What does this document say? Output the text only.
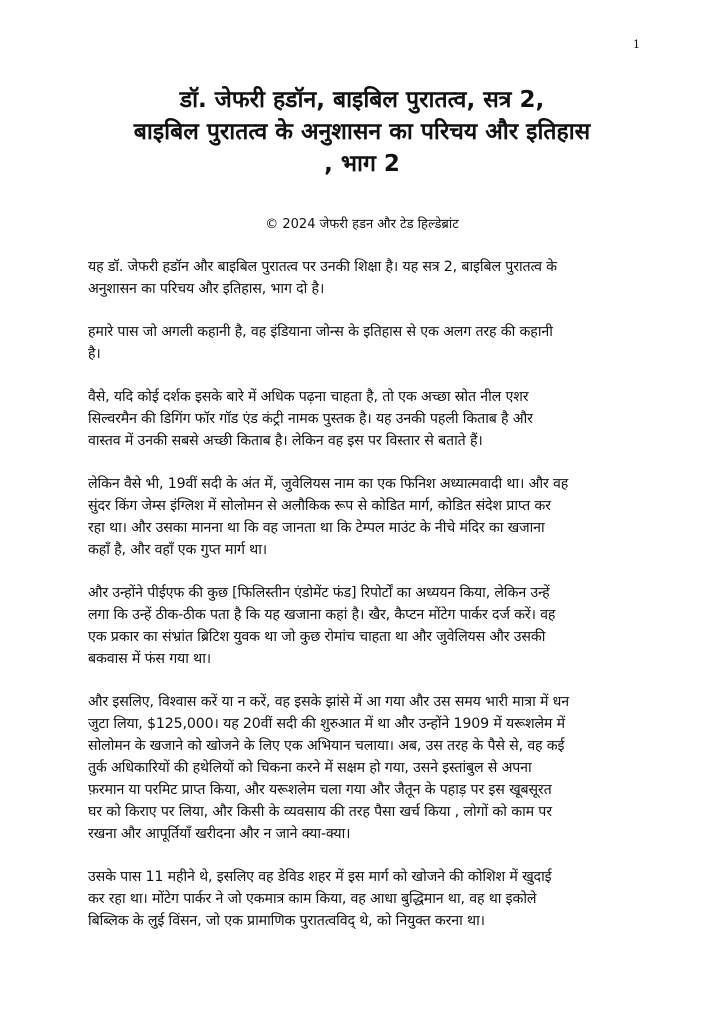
1
डॉ. जेफरी हडॉन, बाइबिल पुरातत्व, सत्र 2,
बाइबिल पुरातत्व के अनुशासन का परिचय और इतिहास
, भाग 2
© 2024 जेफरी हडन और टेड हिल्डेब्रांट
यह डॉ. जेफरी हडॉन और बाइबिल पुरातत्व पर उनकी शिक्षा है। यह सत्र 2, बाइबिल पुरातत्व के
अनुशासन का परिचय और इतिहास, भाग दो है।
हमारे पास जो अगली कहानी है, वह इंडियाना जोन्स के इतिहास से एक अलग तरह की कहानी
है।
वैसे, यदि कोई दर्शक इसके बारे में अधिक पढ़ना चाहता है, तो एक अच्छा स्रोत नील एशर
सिल्वरमैन की डिगिंग फॉर गॉड एंड कंट्री नामक पुस्तक है। यह उनकी पहली किताब है और
वास्तव में उनकी सबसे अच्छी किताब है। लेकिन वह इस पर विस्तार से बताते हैं।
लेकिन वैसे भी, 19वीं सदी के अंत में, जुवेलियस नाम का एक फिनिश अध्यात्मवादी था। और वह
सुंदर किंग जेम्स इंग्लिश में सोलोमन से अलौकिक रूप से कोडित मार्ग, कोडित संदेश प्राप्त कर
रहा था। और उसका मानना था कि वह जानता था कि टेम्पल माउंट के नीचे मंदिर का खजाना
कहाँ है, और वहाँ एक गुप्त मार्ग था।
और उन्होंने पीईएफ की कुछ [फिलिस्तीन एंडोमेंट फंड] रिपोर्टों का अध्ययन किया, लेकिन उन्हें
लगा कि उन्हें ठीक-ठीक पता है कि यह खजाना कहां है। खैर, कैप्टन मोंटेग पार्कर दर्ज करें। वह
एक प्रकार का संभ्रांत ब्रिटिश युवक था जो कुछ रोमांच चाहता था और जुवेलियस और उसकी
बकवास में फंस गया था।
और इसलिए, विश्वास करें या न करें, वह इसके झांसे में आ गया और उस समय भारी मात्रा में धन
जुटा लिया, $125,000। यह 20वीं सदी की शुरुआत में था और उन्होंने 1909 में यरूशलेम में
सोलोमन के खजाने को खोजने के लिए एक अभियान चलाया। अब, उस तरह के पैसे से, वह कई
तुर्क अधिकारियों की हथेलियों को चिकना करने में सक्षम हो गया, उसने इस्तांबुल से अपना
फ़रमान या परमिट प्राप्त किया, और यरूशलेम चला गया और जैतून के पहाड़ पर इस खूबसूरत
घर को किराए पर लिया, और किसी के व्यवसाय की तरह पैसा खर्च किया , लोगों को काम पर
रखना और आपूर्तियाँ खरीदना और न जाने क्या-क्या।
उसके पास 11 महीने थे, इसलिए वह डेविड शहर में इस मार्ग को खोजने की कोशिश में खुदाई
कर रहा था। मोंटेग पार्कर ने जो एकमात्र काम किया, वह आधा बुद्धिमान था, वह था इकोले
बिब्लिक के लुई विंसन, जो एक प्रामाणिक पुरातत्वविद् थे, को नियुक्त करना था।
